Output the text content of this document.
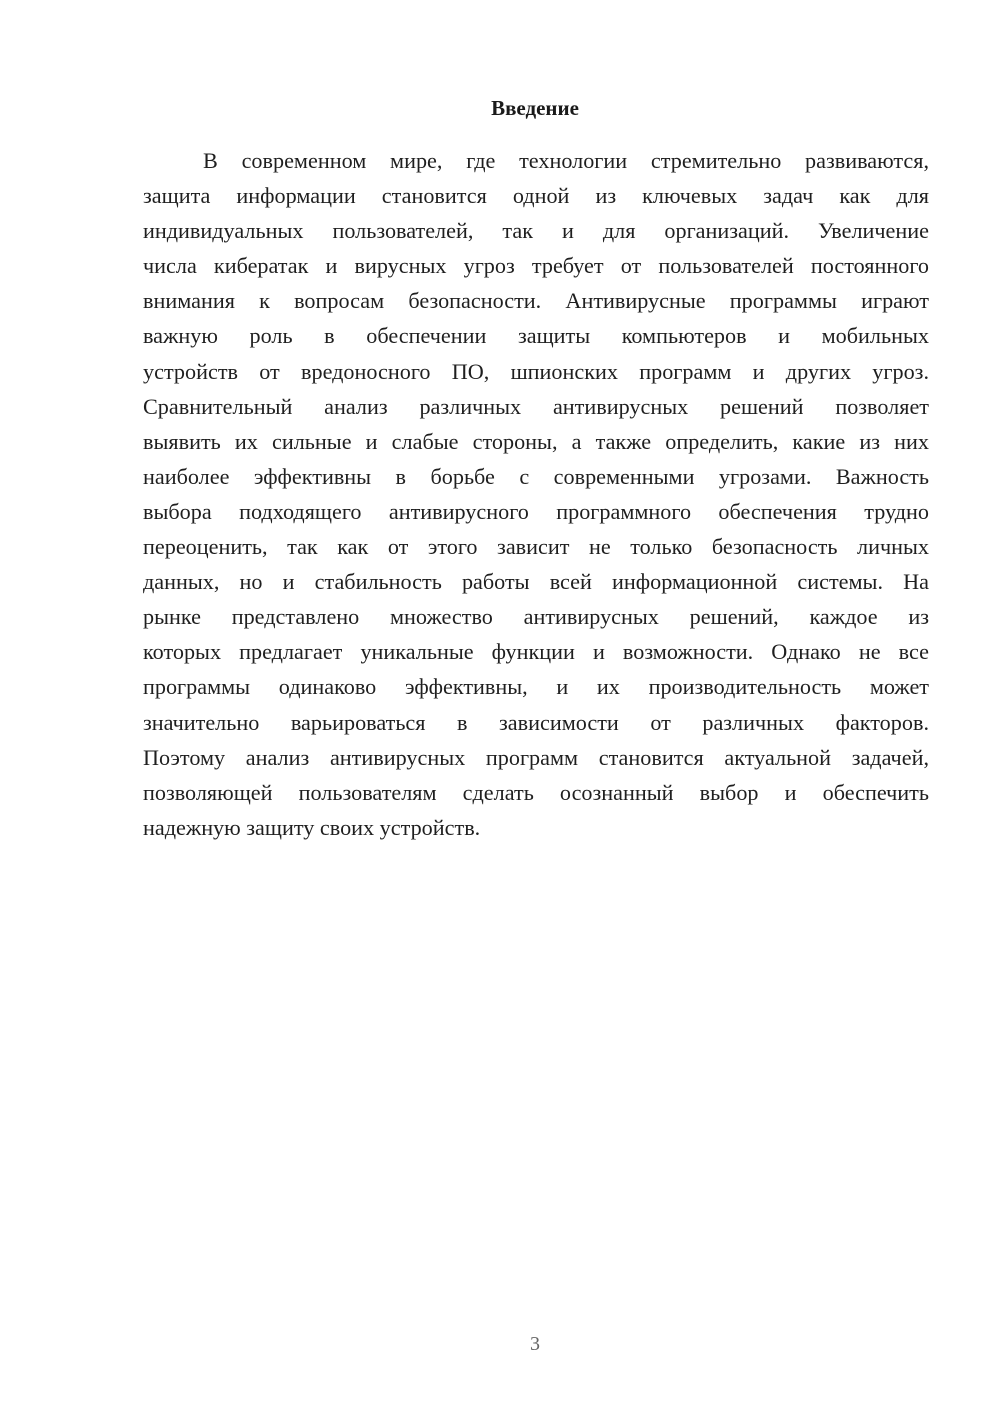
Введение
В современном мире, где технологии стремительно развиваются,
защита информации становится одной из ключевых задач как для
индивидуальных пользователей, так и для организаций. Увеличение
числа кибератак и вирусных угроз требует от пользователей постоянного
внимания к вопросам безопасности. Антивирусные программы играют
важную роль в обеспечении защиты компьютеров и мобильных
устройств от вредоносного ПО, шпионских программ и других угроз.
Сравнительный анализ различных антивирусных решений позволяет
выявить их сильные и слабые стороны, а также определить, какие из них
наиболее эффективны в борьбе с современными угрозами. Важность
выбора подходящего антивирусного программного обеспечения трудно
переоценить, так как от этого зависит не только безопасность личных
данных, но и стабильность работы всей информационной системы. На
рынке представлено множество антивирусных решений, каждое из
которых предлагает уникальные функции и возможности. Однако не все
программы одинаково эффективны, и их производительность может
значительно варьироваться в зависимости от различных факторов.
Поэтому анализ антивирусных программ становится актуальной задачей,
позволяющей пользователям сделать осознанный выбор и обеспечить
надежную защиту своих устройств.
3
